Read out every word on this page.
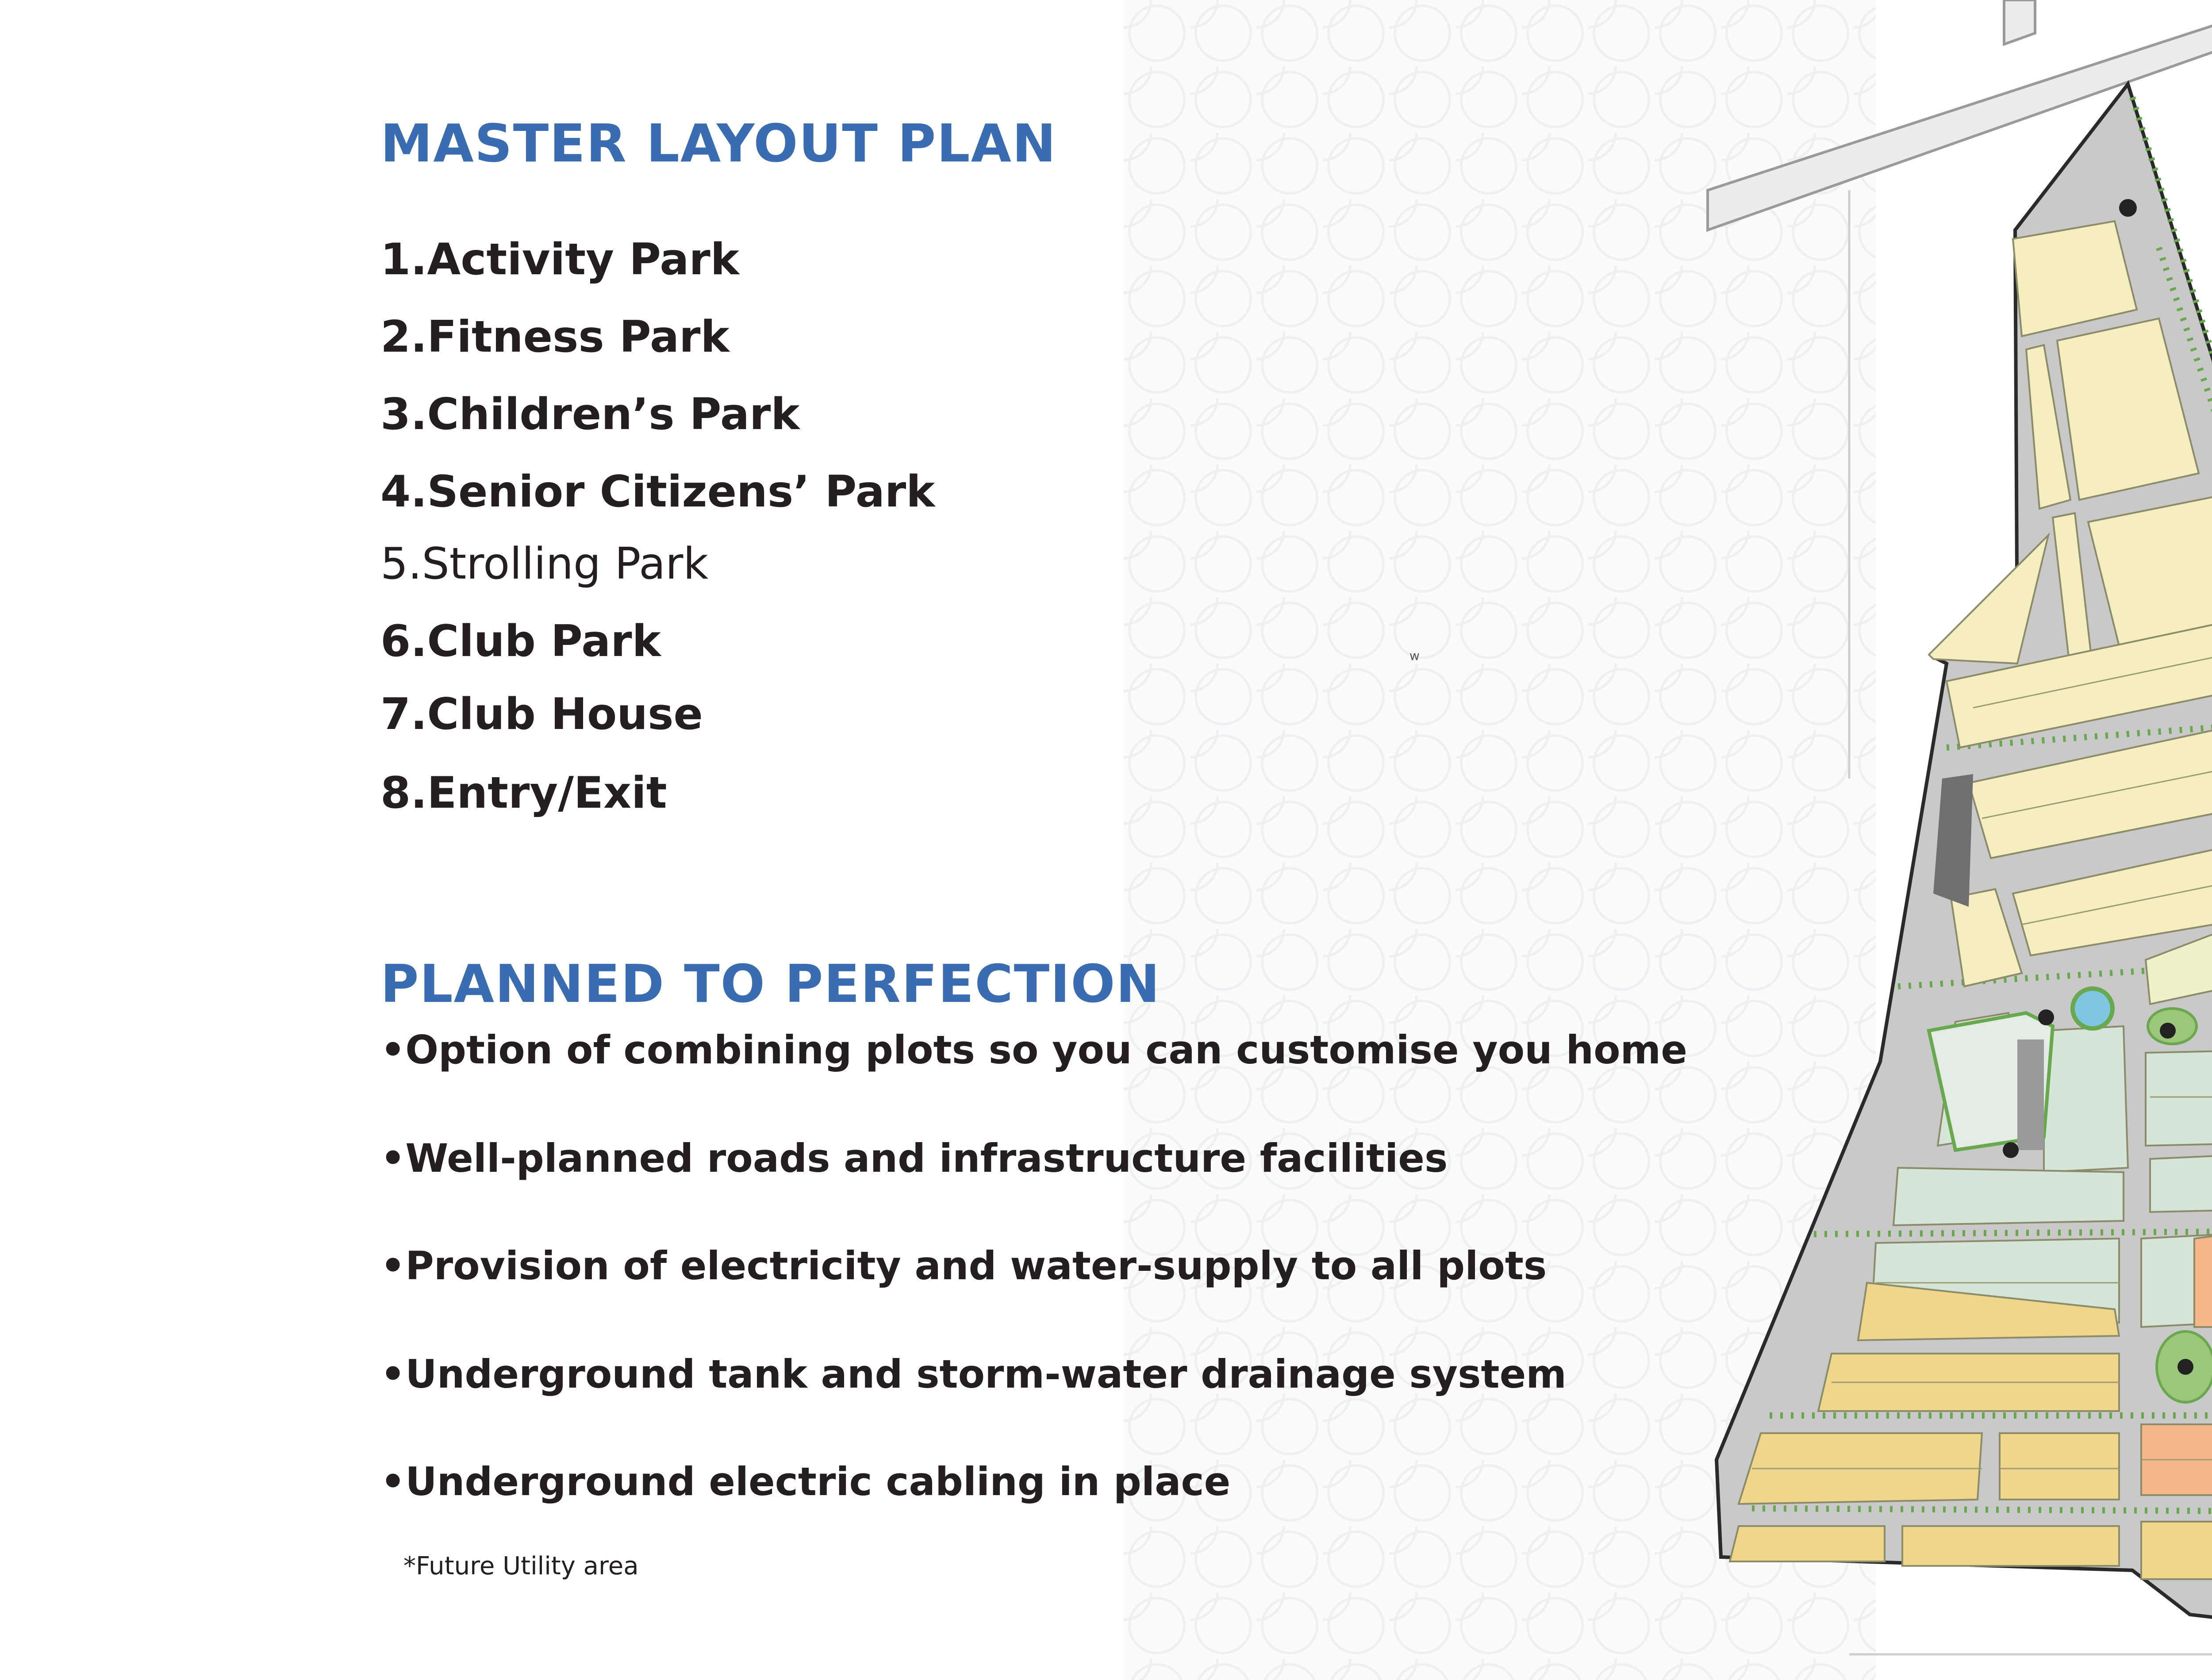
MASTER LAYOUT PLAN
1.Activity Park
2.Fitness Park
3.Children’s Park
4.Senior Citizens’ Park
5.Strolling Park
6.Club Park
7.Club House
8.Entry/Exit
PLANNED TO PERFECTION
•Option of combining plots so you can customise you home
•Well-planned roads and infrastructure facilities
•Provision of electricity and water-supply to all plots
•Underground tank and storm-water drainage system
•Underground electric cabling in place
*Future Utility area
w
